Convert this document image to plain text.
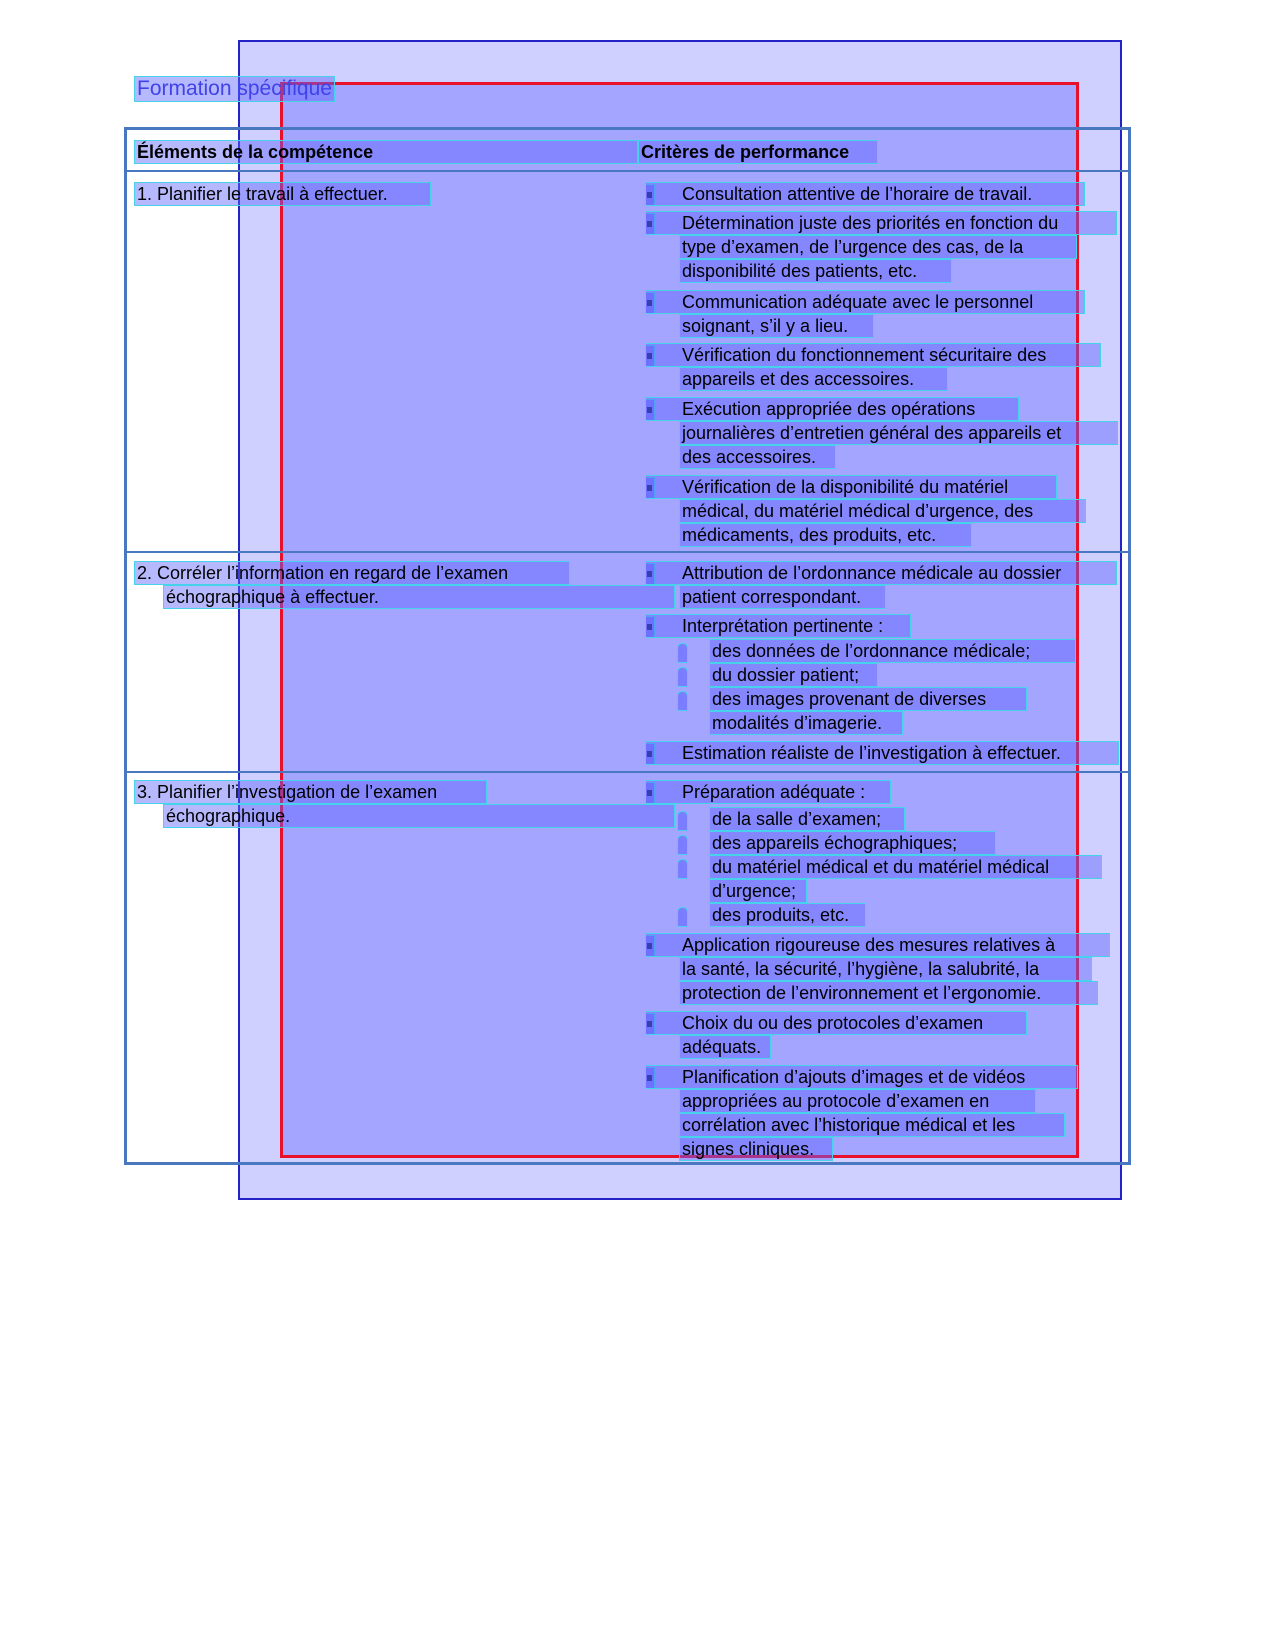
Formation spécifique
Éléments de la compétence	Critères de performance
1. Planifier le travail à effectuer.	Consultation attentive de l’horaire de travail.
Détermination juste des priorités en fonction du
type d’examen, de l’urgence des cas, de la
disponibilité des patients, etc.
Communication adéquate avec le personnel
soignant, s’il y a lieu.
Vérification du fonctionnement sécuritaire des
appareils et des accessoires.
Exécution appropriée des opérations
journalières d’entretien général des appareils et
des accessoires.
Vérification de la disponibilité du matériel
médical, du matériel médical d’urgence, des
médicaments, des produits, etc.
2. Corréler l’information en regard de l’examen
échographique à effectuer.
Attribution de l’ordonnance médicale au dossier
patient correspondant.
Interprétation pertinente :
des données de l’ordonnance médicale;
du dossier patient;
des images provenant de diverses
modalités d’imagerie.
Estimation réaliste de l’investigation à effectuer.
3. Planifier l’investigation de l’examen
échographique.
Préparation adéquate :
de la salle d’examen;
des appareils échographiques;
du matériel médical et du matériel médical
d’urgence;
des produits, etc.
Application rigoureuse des mesures relatives à
la santé, la sécurité, l’hygiène, la salubrité, la
protection de l’environnement et l’ergonomie.
Choix du ou des protocoles d’examen
adéquats.
Planification d’ajouts d’images et de vidéos
appropriées au protocole d’examen en
corrélation avec l’historique médical et les
signes cliniques.
